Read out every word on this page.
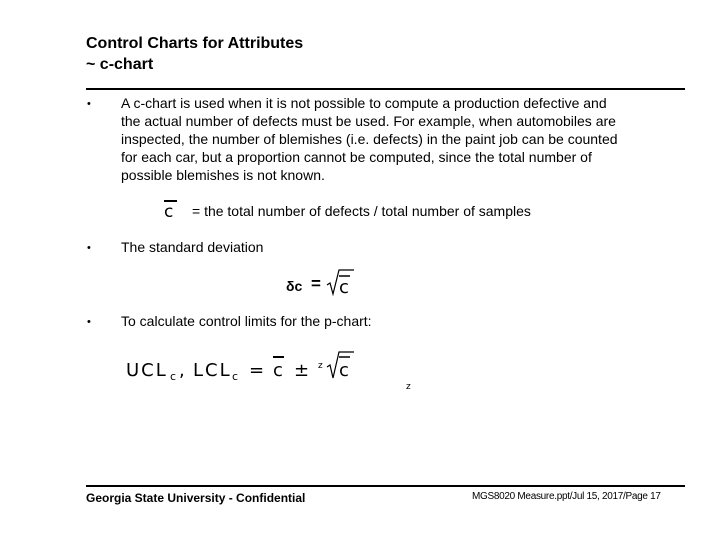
Control Charts for Attributes
~ c-chart
• A c-chart is used when it is not possible to compute a production defective and
the actual number of defects must be used. For example, when automobiles are
inspected, the number of blemishes (i.e. defects) in the paint job can be counted
for each car, but a proportion cannot be computed, since the total number of
possible blemishes is not known.
c = the total number of defects / total number of samples
• The standard deviation
δc = c
• To calculate control limits for the p-chart:
UCL c , LCL c = c ± z c
z
Georgia State University - Confidential	MGS8020 Measure.ppt/Jul 15, 2017/Page 17
